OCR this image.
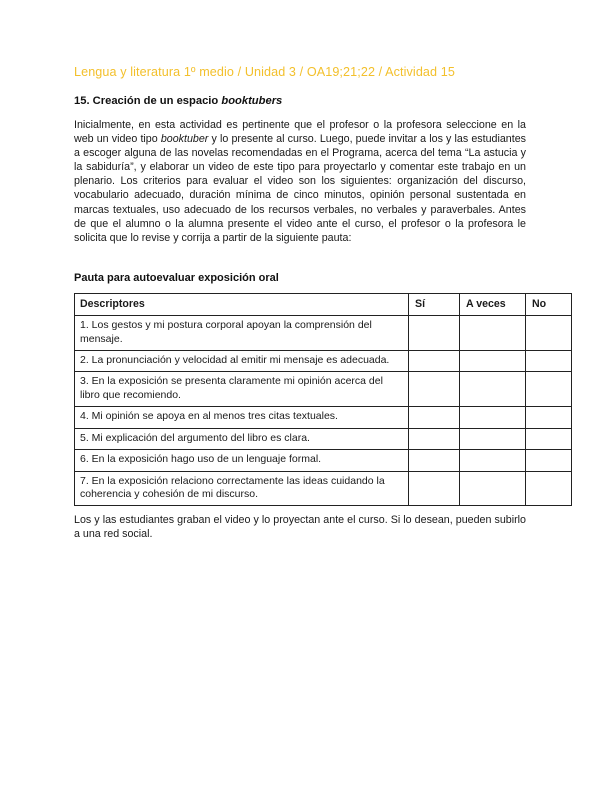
Lengua y literatura 1º medio / Unidad 3 / OA19;21;22 / Actividad 15
15. Creación de un espacio booktubers

Inicialmente, en esta actividad es pertinente que el profesor o la profesora seleccione en la web un video tipo booktuber y lo presente al curso. Luego, puede invitar a los y las estudiantes a escoger alguna de las novelas recomendadas en el Programa, acerca del tema “La astucia y la sabiduría”, y elaborar un video de este tipo para proyectarlo y comentar este trabajo en un plenario. Los criterios para evaluar el video son los siguientes: organización del discurso, vocabulario adecuado, duración mínima de cinco minutos, opinión personal sustentada en marcas textuales, uso adecuado de los recursos verbales, no verbales y paraverbales. Antes de que el alumno o la alumna presente el video ante el curso, el profesor o la profesora le solicita que lo revise y corrija a partir de la siguiente pauta:

Pauta para autoevaluar exposición oral
Descriptores	Sí	A veces	No
1. Los gestos y mi postura corporal apoyan la comprensión del mensaje.			
2. La pronunciación y velocidad al emitir mi mensaje es adecuada.			
3. En la exposición se presenta claramente mi opinión acerca del libro que recomiendo.			
4. Mi opinión se apoya en al menos tres citas textuales.			
5. Mi explicación del argumento del libro es clara.			
6. En la exposición hago uso de un lenguaje formal.			
7. En la exposición relaciono correctamente las ideas cuidando la coherencia y cohesión de mi discurso.			

Los y las estudiantes graban el video y lo proyectan ante el curso. Si lo desean, pueden subirlo a una red social.
